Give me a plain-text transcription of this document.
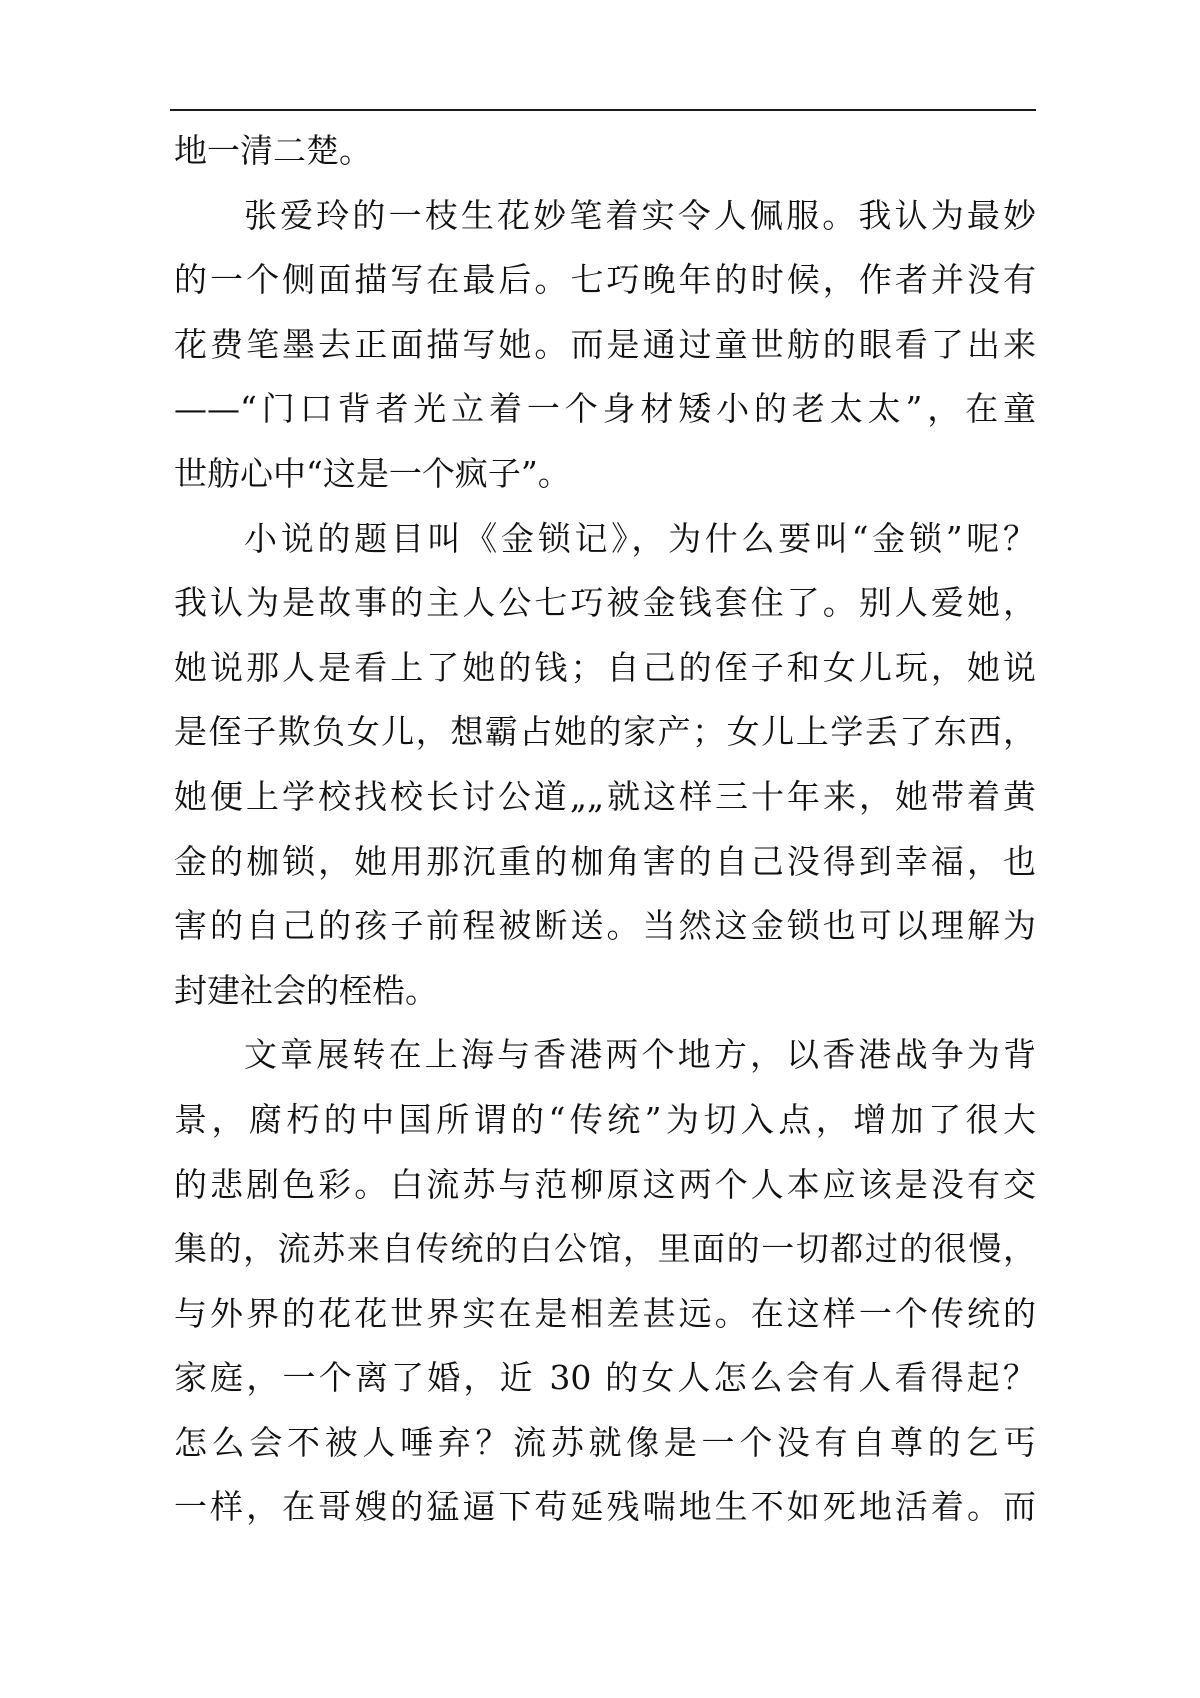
地一清二楚。
张爱玲的一枝生花妙笔着实令人佩服。我认为最妙
的一个侧面描写在最后。七巧晚年的时候，作者并没有
花费笔墨去正面描写她。而是通过童世舫的眼看了出来
——“门口背者光立着一个身材矮小的老太太”，在童
世舫心中“这是一个疯子”。
小说的题目叫《金锁记》，为什么要叫“金锁”呢？
我认为是故事的主人公七巧被金钱套住了。别人爱她，
她说那人是看上了她的钱；自己的侄子和女儿玩，她说
是侄子欺负女儿，想霸占她的家产；女儿上学丢了东西，
她便上学校找校长讨公道„„就这样三十年来，她带着黄
金的枷锁，她用那沉重的枷角害的自己没得到幸福，也
害的自己的孩子前程被断送。当然这金锁也可以理解为
封建社会的桎梏。
文章展转在上海与香港两个地方，以香港战争为背
景，腐朽的中国所谓的“传统”为切入点，增加了很大
的悲剧色彩。白流苏与范柳原这两个人本应该是没有交
集的，流苏来自传统的白公馆，里面的一切都过的很慢，
与外界的花花世界实在是相差甚远。在这样一个传统的
家庭，一个离了婚，近 30 的女人怎么会有人看得起？
怎么会不被人唾弃？流苏就像是一个没有自尊的乞丐
一样，在哥嫂的猛逼下苟延残喘地生不如死地活着。而
